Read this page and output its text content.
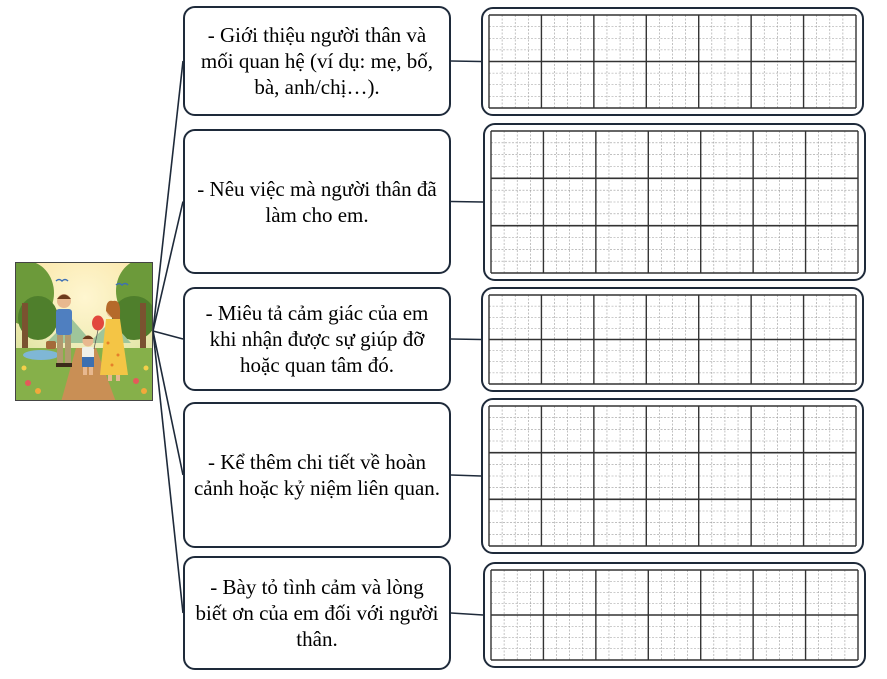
- Giới thiệu người thân và mối quan hệ (ví dụ: mẹ, bố, bà, anh/chị…).
- Nêu việc mà người thân đã làm cho em.
- Miêu tả cảm giác của em khi nhận được sự giúp đỡ hoặc quan tâm đó.
- Kể thêm chi tiết về hoàn cảnh hoặc kỷ niệm liên quan.
- Bày tỏ tình cảm và lòng biết ơn của em đối với người thân.
